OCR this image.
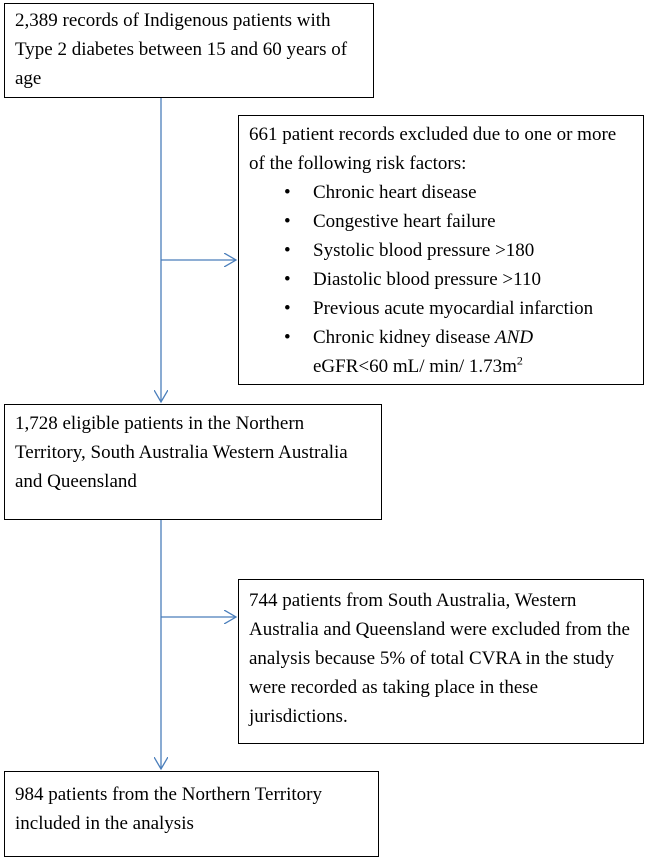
2,389 records of Indigenous patients with Type 2 diabetes between 15 and 60 years of age
661 patient records excluded due to one or more of the following risk factors:
• Chronic heart disease
• Congestive heart failure
• Systolic blood pressure >180
• Diastolic blood pressure >110
• Previous acute myocardial infarction
• Chronic kidney disease AND
eGFR<60 mL/ min/ $1.73m^2$
1,728 eligible patients in the Northern Territory, South Australia Western Australia and Queensland
744 patients from South Australia, Western Australia and Queensland were excluded from the analysis because 5% of total CVRA in the study were recorded as taking place in these jurisdictions.
984 patients from the Northern Territory included in the analysis
